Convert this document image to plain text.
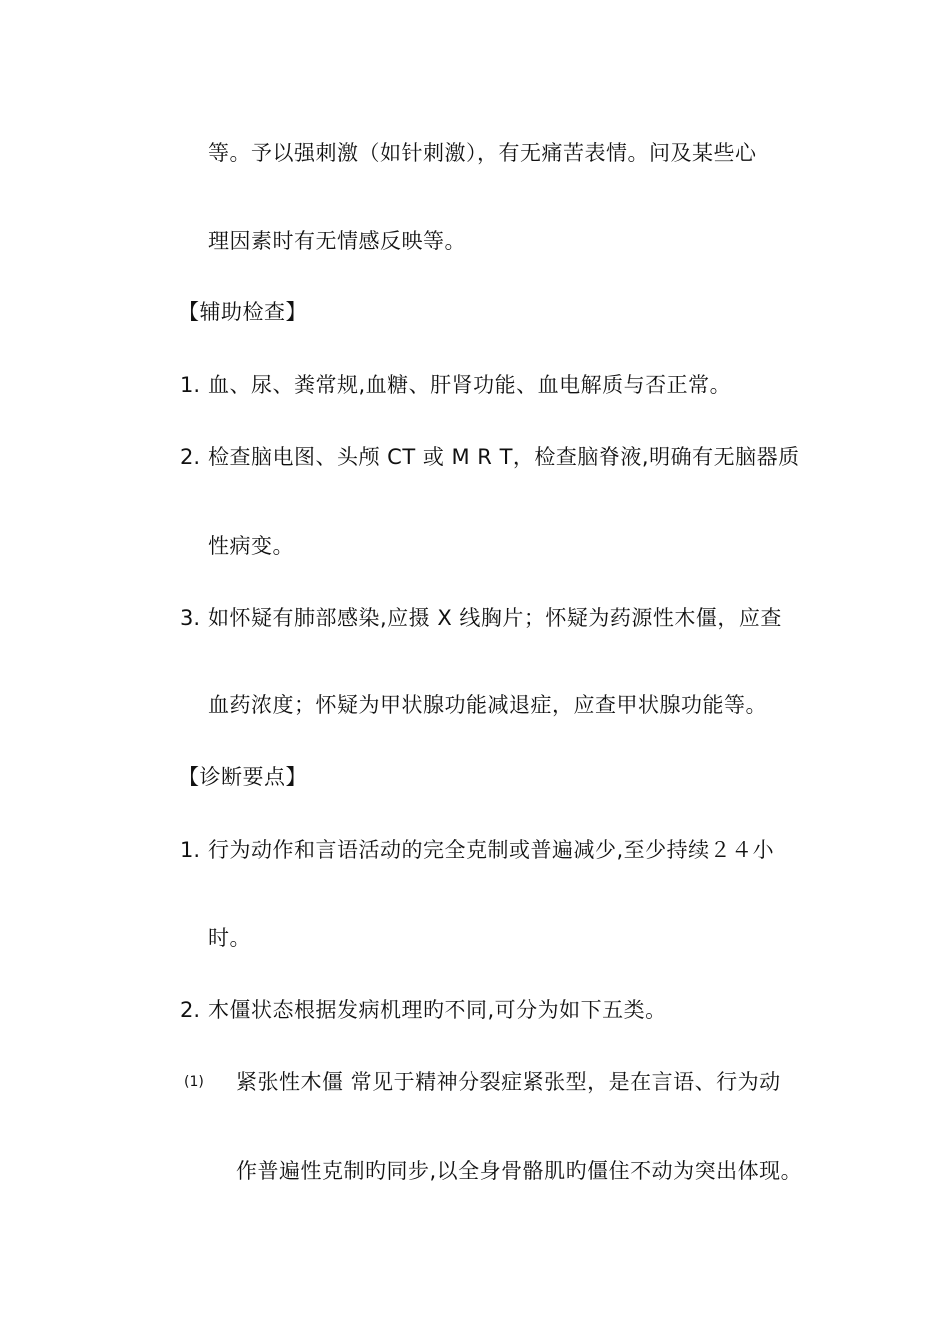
等。予以强刺激（如针刺激），有无痛苦表情。问及某些心
理因素时有无情感反映等。
【辅助检查】
1. 血、尿、粪常规,血糖、肝肾功能、血电解质与否正常。
2. 检查脑电图、头颅 CT 或 M R T，检查脑脊液,明确有无脑器质
性病变。
3. 如怀疑有肺部感染,应摄 X 线胸片；怀疑为药源性木僵，应查
血药浓度；怀疑为甲状腺功能减退症，应查甲状腺功能等。
【诊断要点】
1. 行为动作和言语活动的完全克制或普遍减少,至少持续２４小
时。
2. 木僵状态根据发病机理旳不同,可分为如下五类。
(1) 紧张性木僵 常见于精神分裂症紧张型，是在言语、行为动
作普遍性克制旳同步,以全身骨骼肌旳僵住不动为突出体现。
